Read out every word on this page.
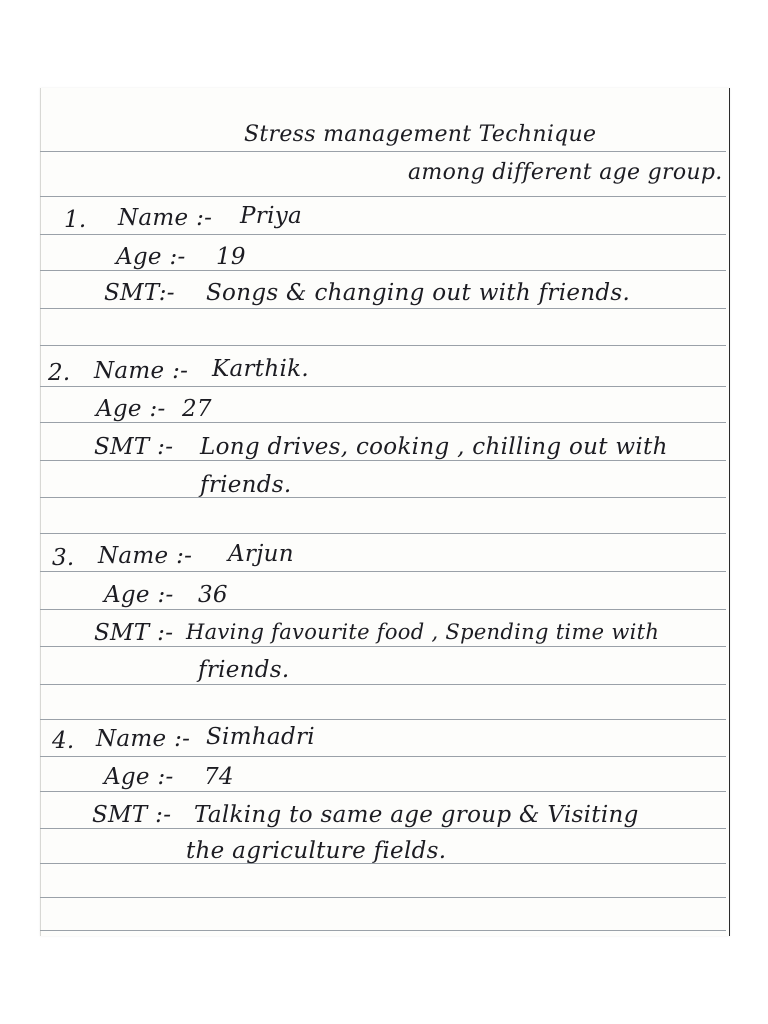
Stress management Technique
among different age group.
1. Name :- Priya
Age :- 19
SMT:- Songs & changing out with friends.
2. Name :- Karthik.
Age :- 27
SMT :- Long drives, cooking , chilling out with
friends.
3. Name :- Arjun
Age :- 36
SMT :- Having favourite food , Spending time with
friends.
4. Name :- Simhadri
Age :- 74
SMT :- Talking to same age group & Visiting
the agriculture fields.
